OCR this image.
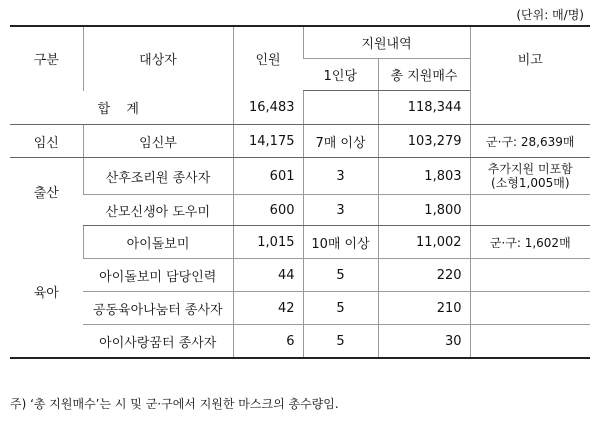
(단위: 매/명)
구분	대상자	인원	지원내역		비고
			1인당	총 지원매수	
합 계		16,483		118,344	
임신	임신부	14,175	7매 이상	103,279	군·구: 28,639매
출산	산후조리원 종사자	601	3	1,803	추가지원 미포함
(소형1,005매)

	산모신생아 도우미	600	3	1,800	
육아	아이돌보미	1,015	10매 이상	11,002	군·구: 1,602매
	아이돌보미 담당인력	44	5	220	
	공동육아나눔터 종사자	42	5	210	
	아이사랑꿈터 종사자	6	5	30	
주) ‘총 지원매수’는 시 및 군·구에서 지원한 마스크의 총수량임.
